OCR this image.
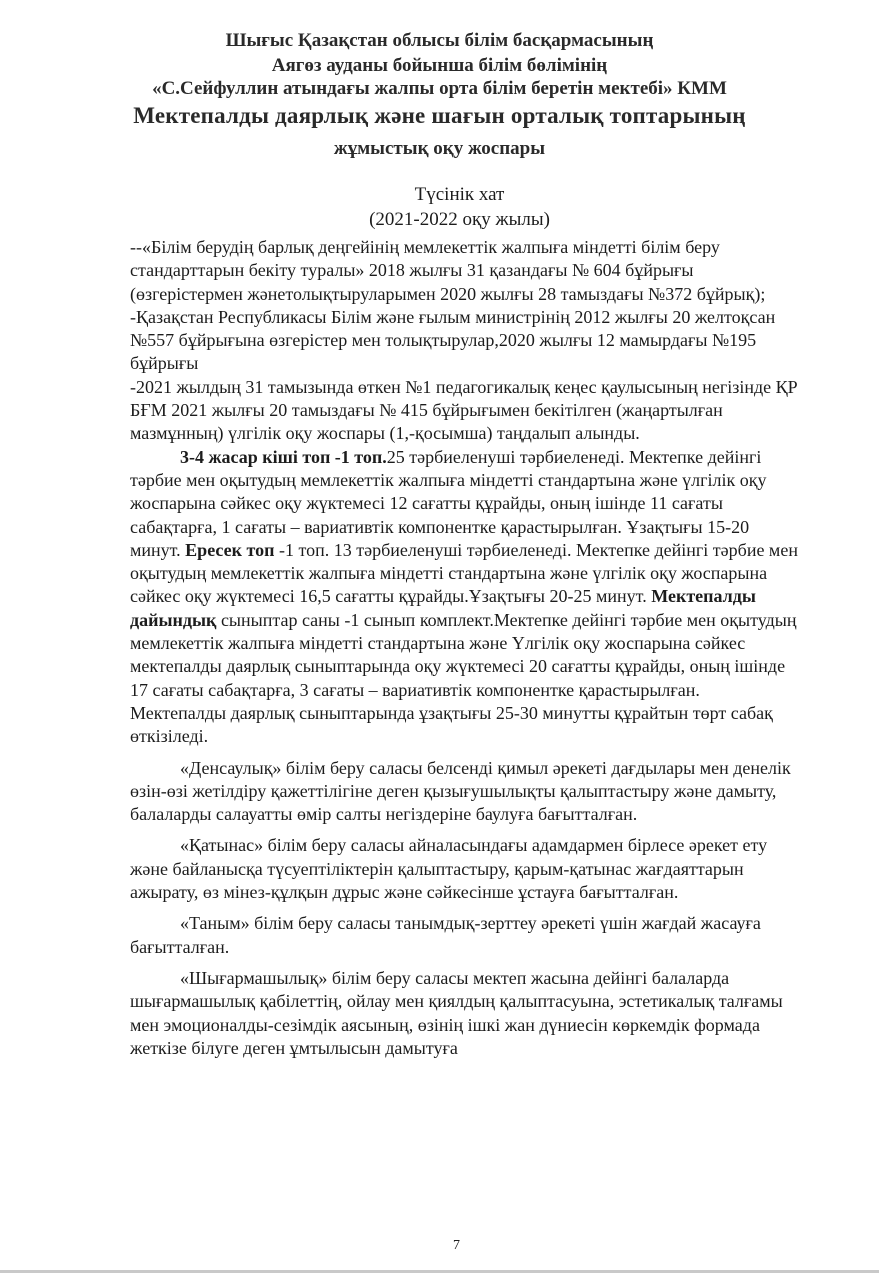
Шығыс Қазақстан облысы білім басқармасының
Аягөз ауданы бойынша білім бөлімінің
«С.Сейфуллин атындағы жалпы орта білім беретін мектебі» КММ
Мектепалды даярлық және шағын орталық топтарының
жұмыстық оқу жоспары
Түсінік хат
(2021-2022 оқу жылы)

--«Білім берудің барлық деңгейінің мемлекеттік жалпыға міндетті білім беру стандарттарын бекіту туралы» 2018 жылғы 31 қазандағы № 604 бұйрығы (өзгерістермен жәнетолықтыруларымен 2020 жылғы 28 тамыздағы №372 бұйрық);

-Қазақстан Республикасы Білім және ғылым министрінің 2012 жылғы 20 желтоқсан №557 бұйрығына өзгерістер мен толықтырулар,2020 жылғы 12 мамырдағы №195 бұйрығы

-2021 жылдың 31 тамызында өткен №1 педагогикалық кеңес қаулысының негізінде ҚР БҒМ 2021 жылғы 20 тамыздағы № 415 бұйрығымен бекітілген (жаңартылған мазмұнның) үлгілік оқу жоспары (1,-қосымша) таңдалып алынды.

3-4 жасар кіші топ -1 топ.25 тәрбиеленуші тәрбиеленеді. Мектепке дейінгі тәрбие мен оқытудың мемлекеттік жалпыға міндетті стандартына және үлгілік оқу жоспарына сәйкес оқу жүктемесі 12 сағатты құрайды, оның ішінде 11 сағаты сабақтарға, 1 сағаты – вариативтік компонентке қарастырылған. Ұзақтығы 15-20 минут. Ересек топ -1 топ. 13 тәрбиеленуші тәрбиеленеді. Мектепке дейінгі тәрбие мен оқытудың мемлекеттік жалпыға міндетті стандартына және үлгілік оқу жоспарына сәйкес оқу жүктемесі 16,5 сағатты құрайды.Ұзақтығы 20-25 минут. Мектепалды дайындық сыныптар саны -1 сынып комплект.Мектепке дейінгі тәрбие мен оқытудың мемлекеттік жалпыға міндетті стандартына және Үлгілік оқу жоспарына сәйкес мектепалды даярлық сыныптарында оқу жүктемесі 20 сағатты құрайды, оның ішінде 17 сағаты сабақтарға, 3 сағаты – вариативтік компонентке қарастырылған. Мектепалды даярлық сыныптарында ұзақтығы 25-30 минутты құрайтын төрт сабақ өткізіледі.

«Денсаулық» білім беру саласы белсенді қимыл әрекеті дағдылары мен денелік өзін-өзі жетілдіру қажеттілігіне деген қызығушылықты қалыптастыру және дамыту, балаларды салауатты өмір салты негіздеріне баулуға бағытталған.

«Қатынас» білім беру саласы айналасындағы адамдармен бірлесе әрекет ету және байланысқа түсуептіліктерін қалыптастыру, қарым-қатынас жағдаяттарын ажырату, өз мінез-құлқын дұрыс және сәйкесінше ұстауға бағытталған.

«Таным» білім беру саласы танымдық-зерттеу әрекеті үшін жағдай жасауға бағытталған.

«Шығармашылық» білім беру саласы мектеп жасына дейінгі балаларда шығармашылық қабілеттің, ойлау мен қиялдың қалыптасуына, эстетикалық талғамы мен эмоционалды-сезімдік аясының, өзінің ішкі жан дүниесін көркемдік формада жеткізе білуге деген ұмтылысын дамытуға

7
